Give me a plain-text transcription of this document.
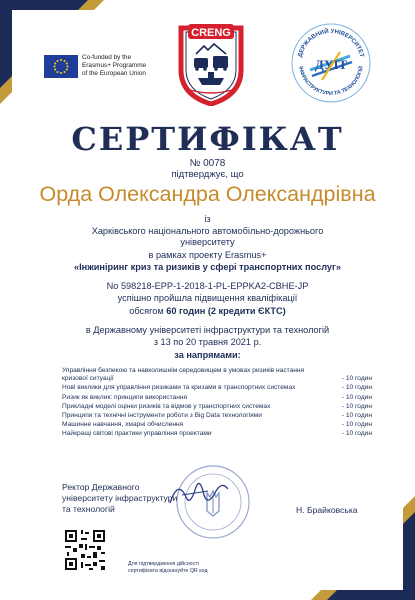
Co-funded by the
Erasmus+ Programme
of the European Union
CRENG
ДЕРЖАВНИЙ УНІВЕРСИТЕТ
ІНФРАСТРУКТУРИ ТА ТЕХНОЛОГІЙ
ДУІТ
СЕРТИФІКАТ
№ 0078
підтверджує, що
Орда Олександра Олександрівна
із
Харківського національного автомобільно-дорожнього
університету
в рамках проекту Erasmus+
«Інжиніринг криз та ризиків у сфері транспортних послуг»
No 598218-EPP-1-2018-1-PL-EPPKA2-CBHE-JP
успішно пройшла підвищення кваліфікації
обсягом 60 годин (2 кредити ЄКТС)
в Державному університеті інфраструктури та технологій
з 13 по 20 травня 2021 р.
за напрямами:
Управління безпекою та навколишнім середовищем в умовах ризиків настання кризової ситуації	- 10 годин
Нові виклики для управління ризиками та кризами в транспортних системах	- 10 годин
Ризик як виклик: принципи використання	- 10 годин
Прикладні моделі оцінки ризиків та відмов у транспортних системах	- 10 годин
Принципи та технічні інструменти роботи з Big Data технологіями	- 10 годин
Машинне навчання, хмарні обчислення	- 10 годин
Найкращі світові практики управління проектами	- 10 годин
Ректор Державного
університету інфраструктури
та технологій	Н. Брайковська
Для підтвердження дійсності
сертифіката відскануйте QR код
